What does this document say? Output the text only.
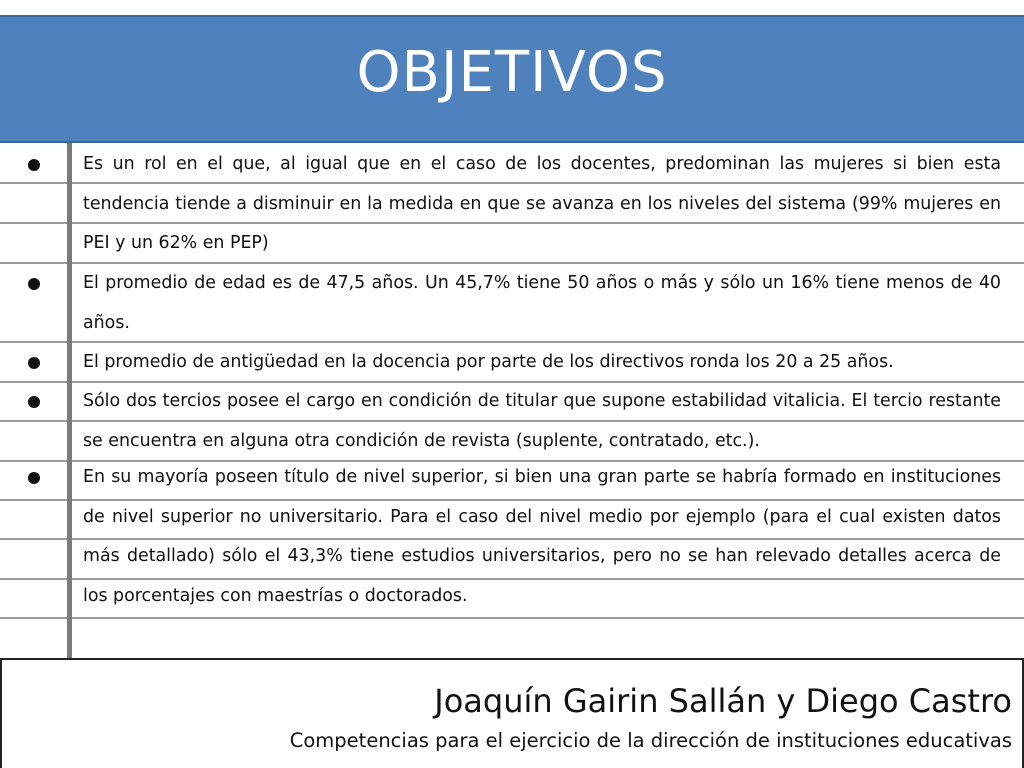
OBJETIVOS

Es un rol en el que, al igual que en el caso de los docentes, predominan las mujeres si bien esta tendencia tiende a disminuir en la medida en que se avanza en los niveles del sistema (99% mujeres en PEI y un 62% en PEP)

El promedio de edad es de 47,5 años. Un 45,7% tiene 50 años o más y sólo un 16% tiene menos de 40 años.

El promedio de antigüedad en la docencia por parte de los directivos ronda los 20 a 25 años.

Sólo dos tercios posee el cargo en condición de titular que supone estabilidad vitalicia. El tercio restante se encuentra en alguna otra condición de revista (suplente, contratado, etc.).

En su mayoría poseen título de nivel superior, si bien una gran parte se habría formado en instituciones de nivel superior no universitario. Para el caso del nivel medio por ejemplo (para el cual existen datos más detallado) sólo el 43,3% tiene estudios universitarios, pero no se han relevado detalles acerca de los porcentajes con maestrías o doctorados.

Joaquín Gairin Sallán y Diego Castro
Competencias para el ejercicio de la dirección de instituciones educativas
